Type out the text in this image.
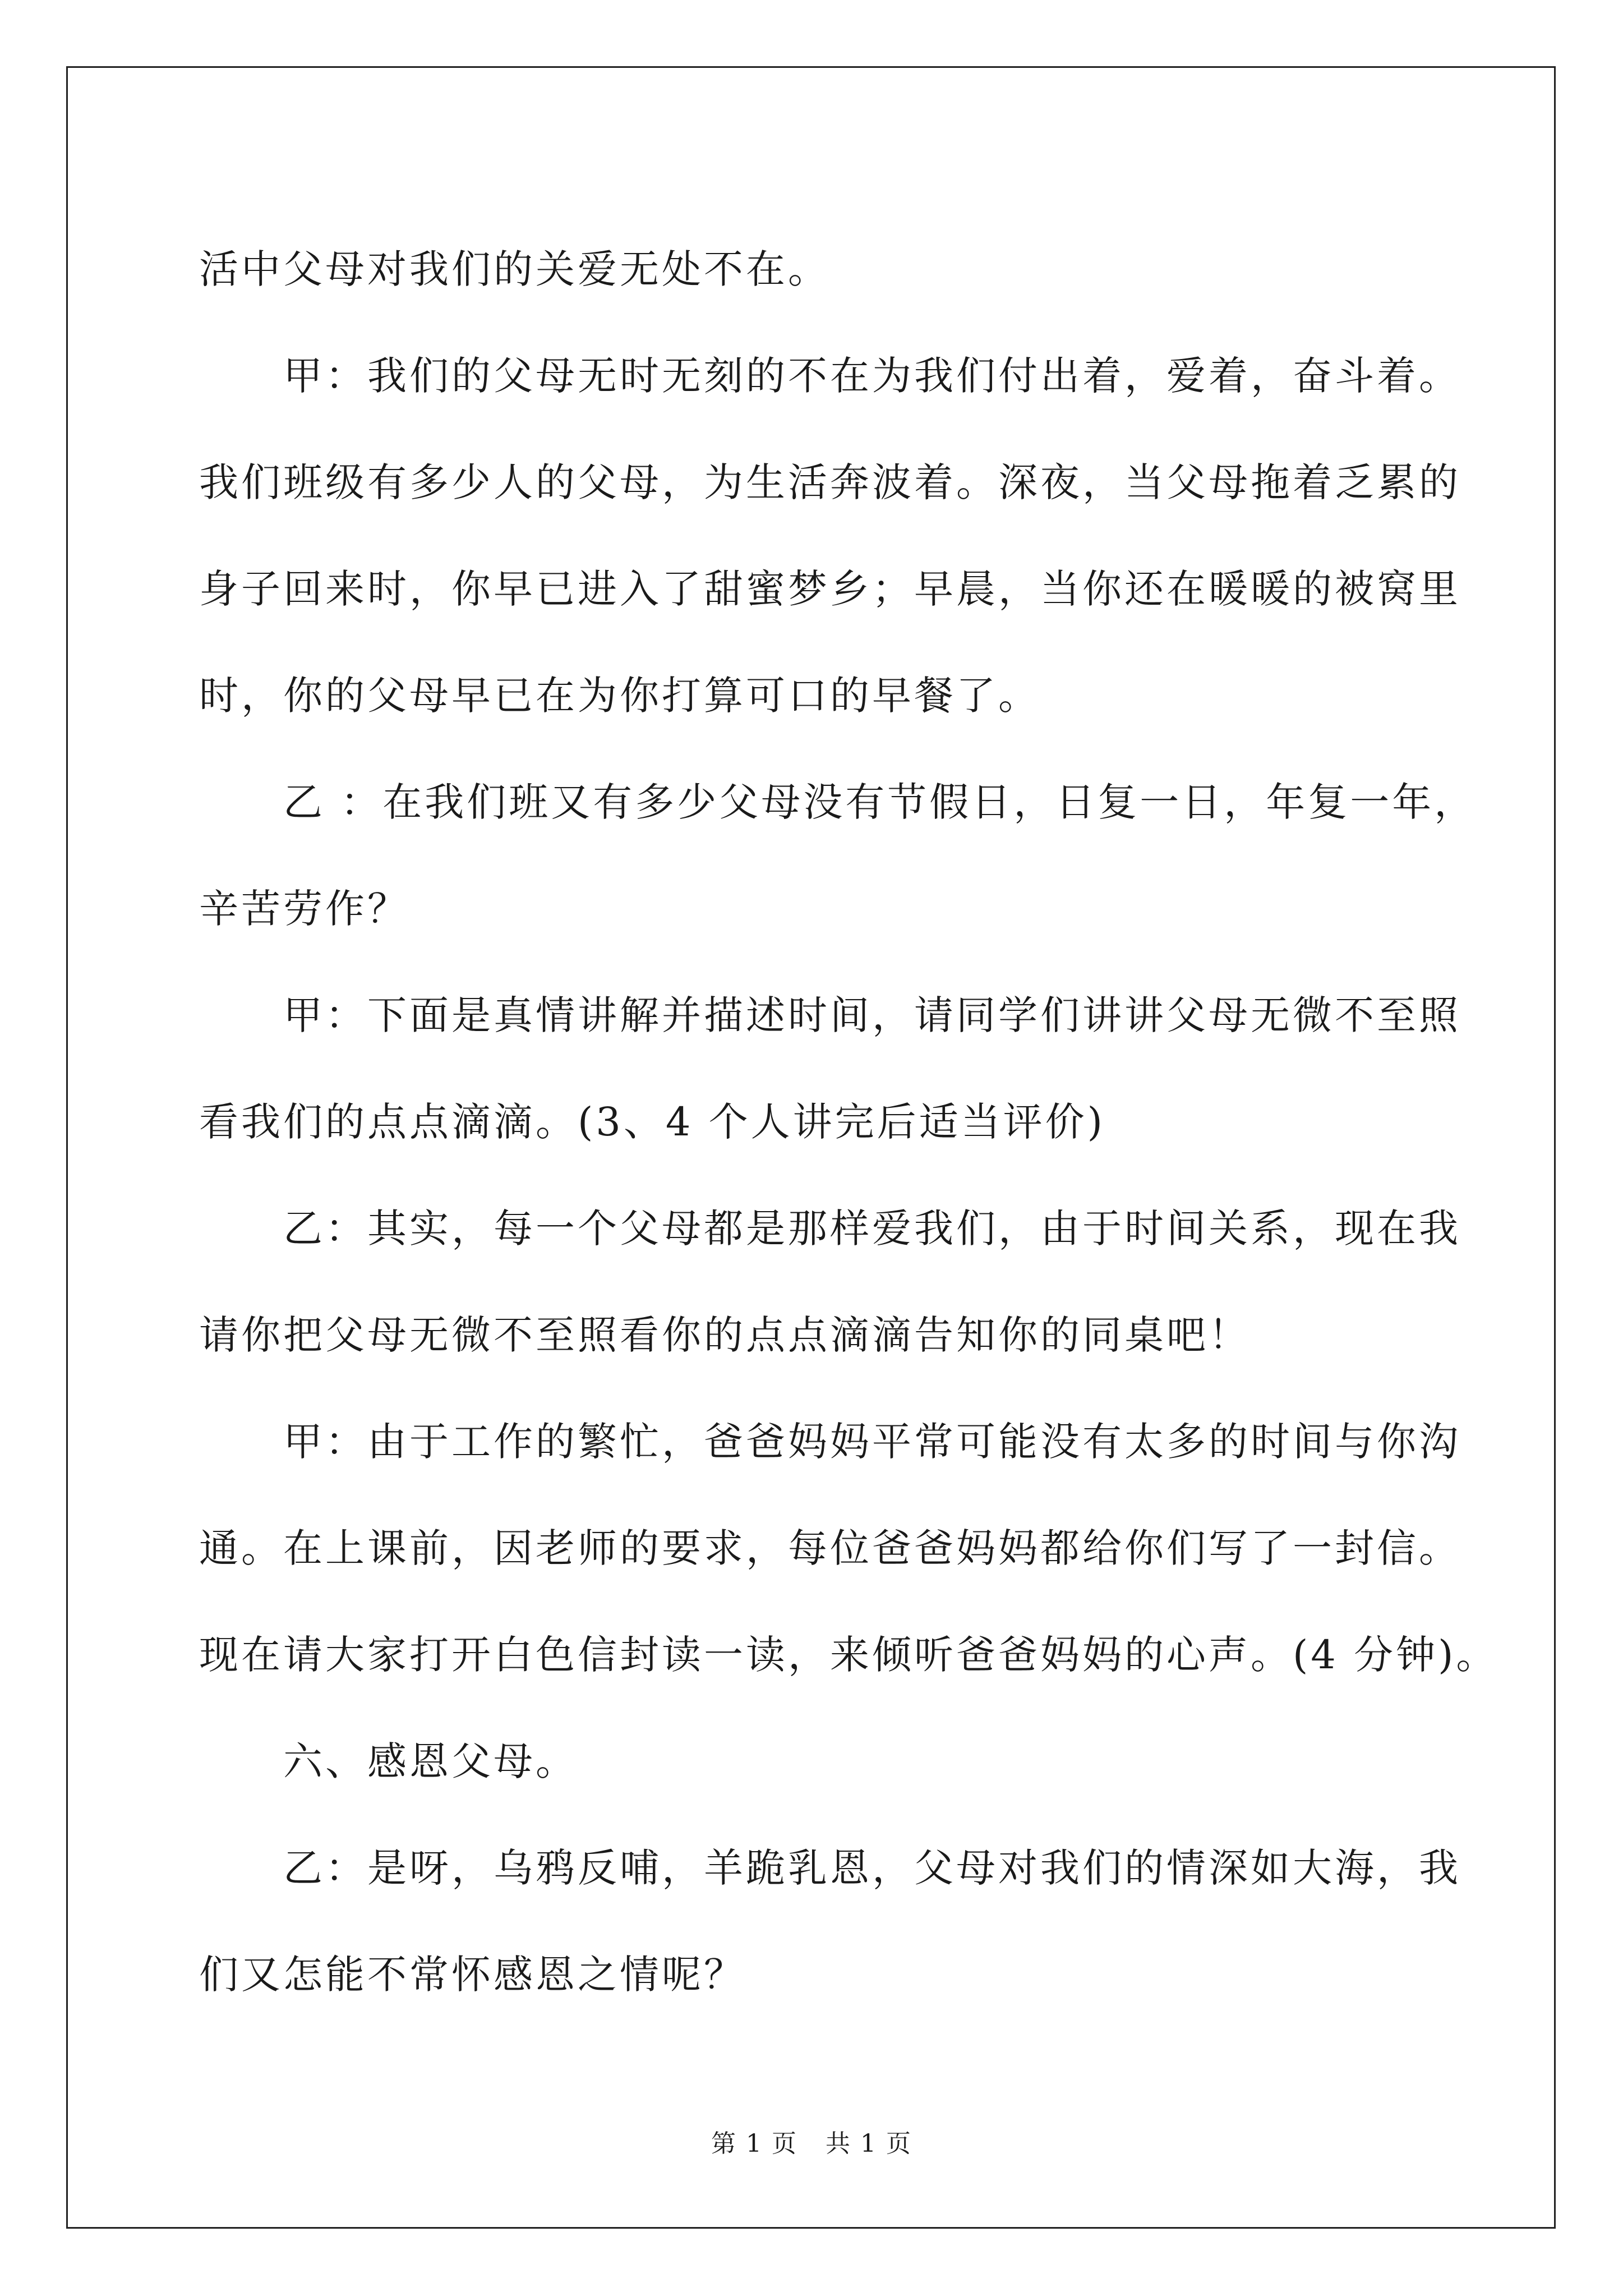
活中父母对我们的关爱无处不在。
甲：我们的父母无时无刻的不在为我们付出着，爱着，奋斗着。
我们班级有多少人的父母，为生活奔波着。深夜，当父母拖着乏累的
身子回来时，你早已进入了甜蜜梦乡；早晨，当你还在暖暖的被窝里
时，你的父母早已在为你打算可口的早餐了。
乙 ：在我们班又有多少父母没有节假日，日复一日，年复一年，
辛苦劳作？
甲：下面是真情讲解并描述时间，请同学们讲讲父母无微不至照
看我们的点点滴滴。(3、4 个人讲完后适当评价)
乙：其实，每一个父母都是那样爱我们，由于时间关系，现在我
请你把父母无微不至照看你的点点滴滴告知你的同桌吧！
甲：由于工作的繁忙，爸爸妈妈平常可能没有太多的时间与你沟
通。在上课前，因老师的要求，每位爸爸妈妈都给你们写了一封信。
现在请大家打开白色信封读一读，来倾听爸爸妈妈的心声。(4 分钟)。
六、感恩父母。
乙：是呀，乌鸦反哺，羊跪乳恩，父母对我们的情深如大海，我
们又怎能不常怀感恩之情呢？
第 1 页 共 1 页
